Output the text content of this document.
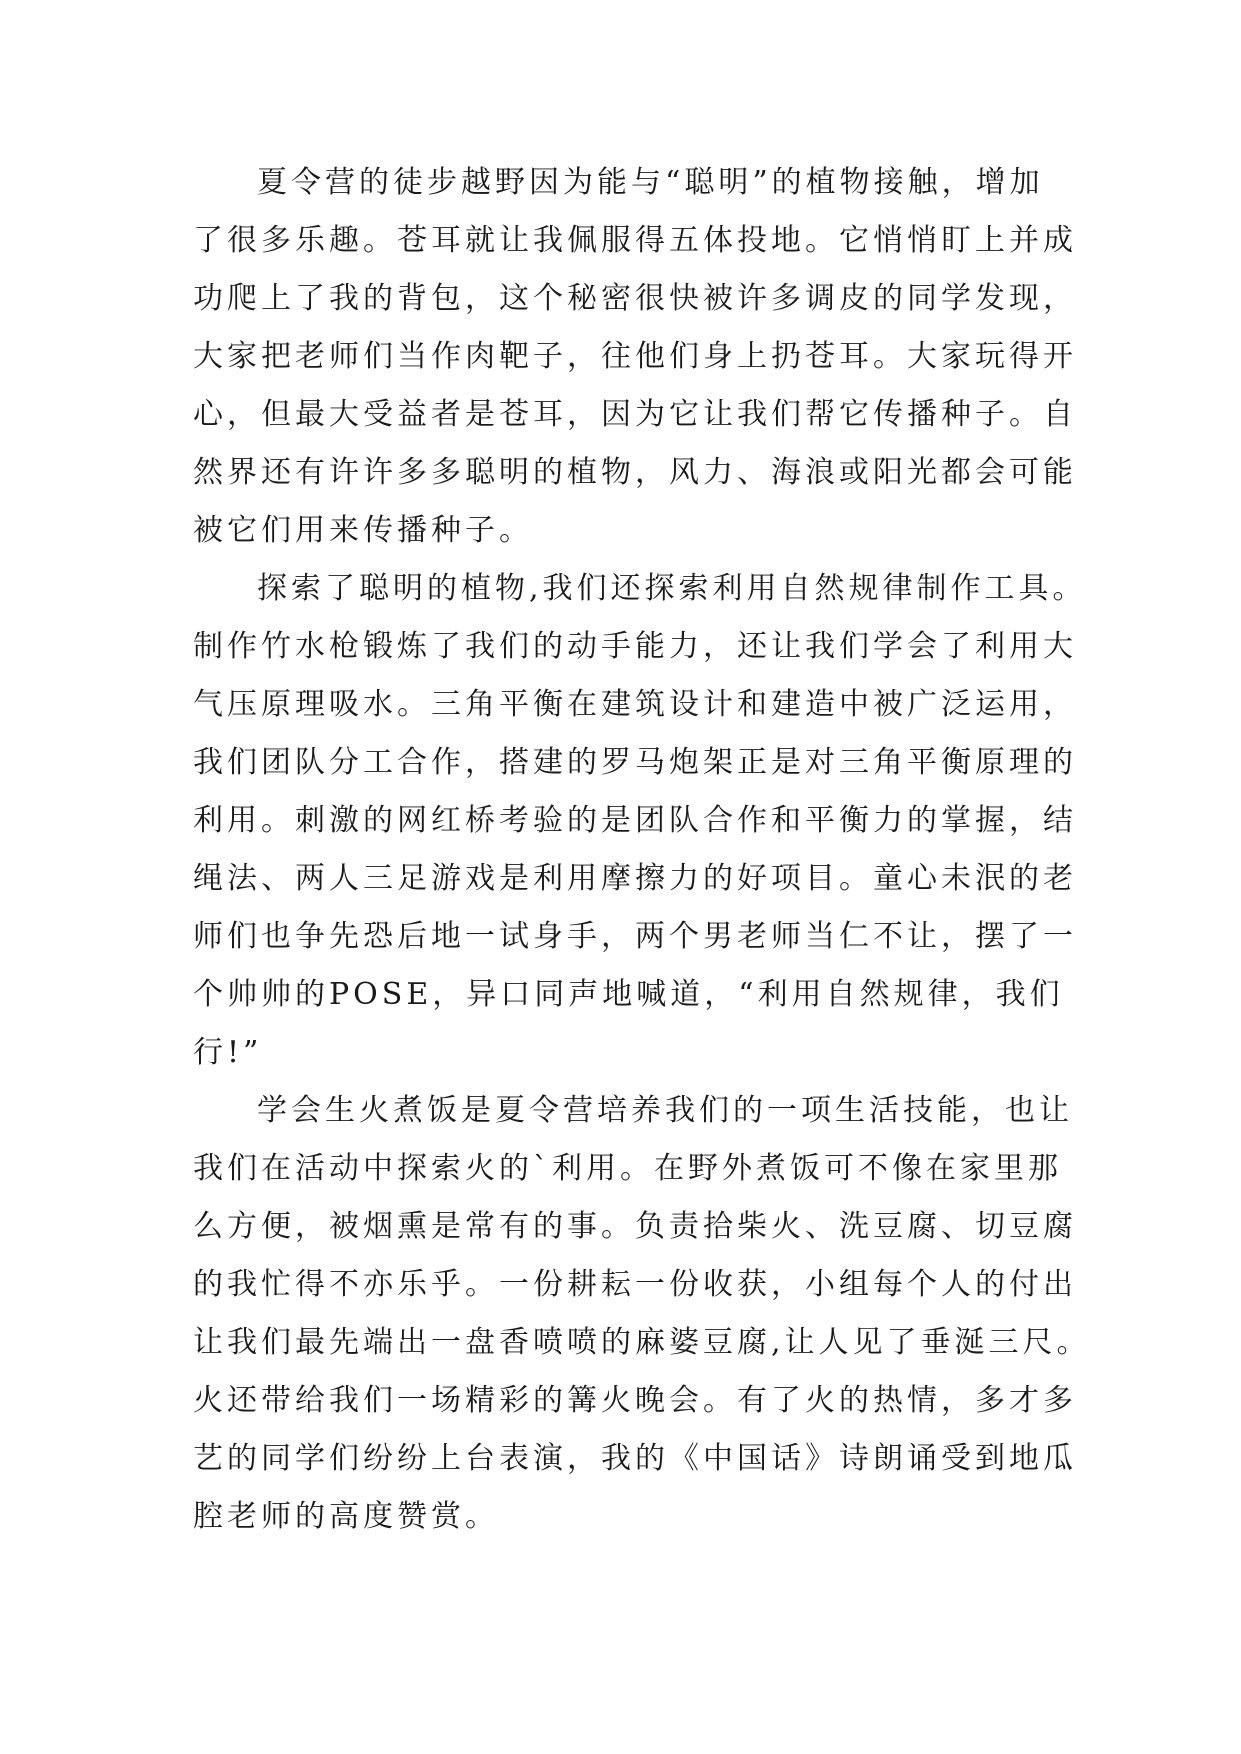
夏令营的徒步越野因为能与“聪明”的植物接触，增加
了很多乐趣。苍耳就让我佩服得五体投地。它悄悄盯上并成
功爬上了我的背包，这个秘密很快被许多调皮的同学发现，
大家把老师们当作肉靶子，往他们身上扔苍耳。大家玩得开
心，但最大受益者是苍耳，因为它让我们帮它传播种子。自
然界还有许许多多聪明的植物，风力、海浪或阳光都会可能
被它们用来传播种子。
探索了聪明的植物,我们还探索利用自然规律制作工具。
制作竹水枪锻炼了我们的动手能力，还让我们学会了利用大
气压原理吸水。三角平衡在建筑设计和建造中被广泛运用，
我们团队分工合作，搭建的罗马炮架正是对三角平衡原理的
利用。刺激的网红桥考验的是团队合作和平衡力的掌握，结
绳法、两人三足游戏是利用摩擦力的好项目。童心未泯的老
师们也争先恐后地一试身手，两个男老师当仁不让，摆了一
个帅帅的POSE，异口同声地喊道，“利用自然规律，我们
行!”
学会生火煮饭是夏令营培养我们的一项生活技能，也让
我们在活动中探索火的`利用。在野外煮饭可不像在家里那
么方便，被烟熏是常有的事。负责拾柴火、洗豆腐、切豆腐
的我忙得不亦乐乎。一份耕耘一份收获，小组每个人的付出
让我们最先端出一盘香喷喷的麻婆豆腐,让人见了垂涎三尺。
火还带给我们一场精彩的篝火晚会。有了火的热情，多才多
艺的同学们纷纷上台表演，我的《中国话》诗朗诵受到地瓜
腔老师的高度赞赏。
